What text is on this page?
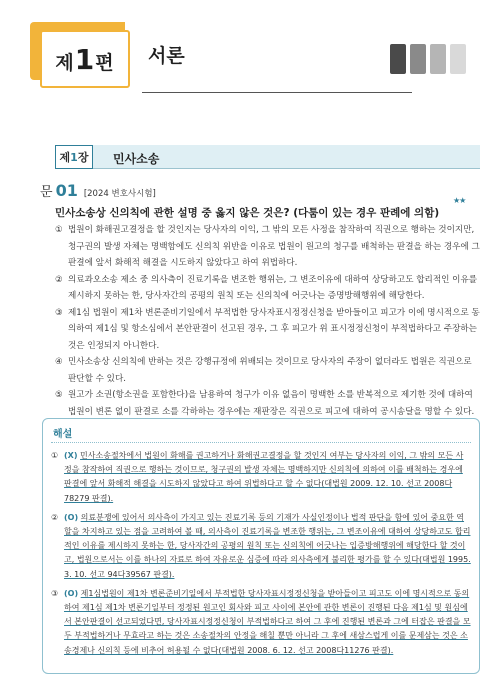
제1편 서론
제 1 장 민사소송
문 01 [2024 변호사시험]
★★
민사소송상 신의칙에 관한 설명 중 옳지 않은 것은? (다툼이 있는 경우 판례에 의함)
① 법원이 화해권고결정을 할 것인지는 당사자의 이익, 그 밖의 모든 사정을 참작하여 직권으로 행하는 것이지만, 청구권의 발생 자체는 명백함에도 신의칙 위반을 이유로 법원이 원고의 청구를 배척하는 판결을 하는 경우에 그 판결에 앞서 화해적 해결을 시도하지 않았다고 하여 위법하다.
② 의료과오소송 제소 중 의사측이 진료기록을 변조한 행위는, 그 변조이유에 대하여 상당하고도 합리적인 이유를 제시하지 못하는 한, 당사자간의 공평의 원칙 또는 신의칙에 어긋나는 증명방해행위에 해당한다.
③ 제1심 법원이 제1차 변론준비기일에서 부적법한 당사자표시정정신청을 받아들이고 피고가 이에 명시적으로 동의하여 제1심 및 항소심에서 본안판결이 선고된 경우, 그 후 피고가 위 표시정정신청이 부적법하다고 주장하는 것은 인정되지 아니한다.
④ 민사소송상 신의칙에 반하는 것은 강행규정에 위배되는 것이므로 당사자의 주장이 없더라도 법원은 직권으로 판단할 수 있다.
⑤ 원고가 소권(항소권을 포함한다)을 남용하여 청구가 이유 없음이 명백한 소를 반복적으로 제기한 것에 대하여 법원이 변론 없이 판결로 소를 각하하는 경우에는 재판장은 직권으로 피고에 대하여 공시송달을 명할 수 있다.
해설
① (X) 민사소송절차에서 법원이 화해를 권고하거나 화해권고결정을 할 것인지 여부는 당사자의 이익, 그 밖의 모든 사정을 참작하여 직권으로 행하는 것이므로, 청구권의 발생 자체는 명백하지만 신의칙에 의하여 이를 배척하는 경우에 판결에 앞서 화해적 해결을 시도하지 않았다고 하여 위법하다고 할 수 없다(대법원 2009. 12. 10. 선고 2008다78279 판결).
② (O) 의료분쟁에 있어서 의사측이 가지고 있는 진료기록 등의 기재가 사실인정이나 법적 판단을 함에 있어 중요한 역할을 차지하고 있는 점을 고려하여 볼 때, 의사측이 진료기록을 변조한 행위는, 그 변조이유에 대하여 상당하고도 합리적인 이유를 제시하지 못하는 한, 당사자간의 공평의 원칙 또는 신의칙에 어긋나는 입증방해행위에 해당한다 할 것이고, 법원으로서는 이를 하나의 자료로 하여 자유로운 심증에 따라 의사측에게 불리한 평가를 할 수 있다(대법원 1995. 3. 10. 선고 94다39567 판결).
③ (O) 제1심법원이 제1차 변론준비기일에서 부적법한 당사자표시정정신청을 받아들이고 피고도 이에 명시적으로 동의하여 제1심 제1차 변론기일부터 정정된 원고인 회사와 피고 사이에 본안에 관한 변론이 진행된 다음 제1심 및 원심에서 본안판결이 선고되었다면, 당사자표시정정신청이 부적법하다고 하여 그 후에 진행된 변론과 그에 터잡은 판결을 모두 부적법하거나 무효라고 하는 것은 소송절차의 안정을 해칠 뿐만 아니라 그 후에 새삼스럽게 이를 문제삼는 것은 소송경제나 신의칙 등에 비추어 허용될 수 없다(대법원 2008. 6. 12. 선고 2008다11276 판결).
